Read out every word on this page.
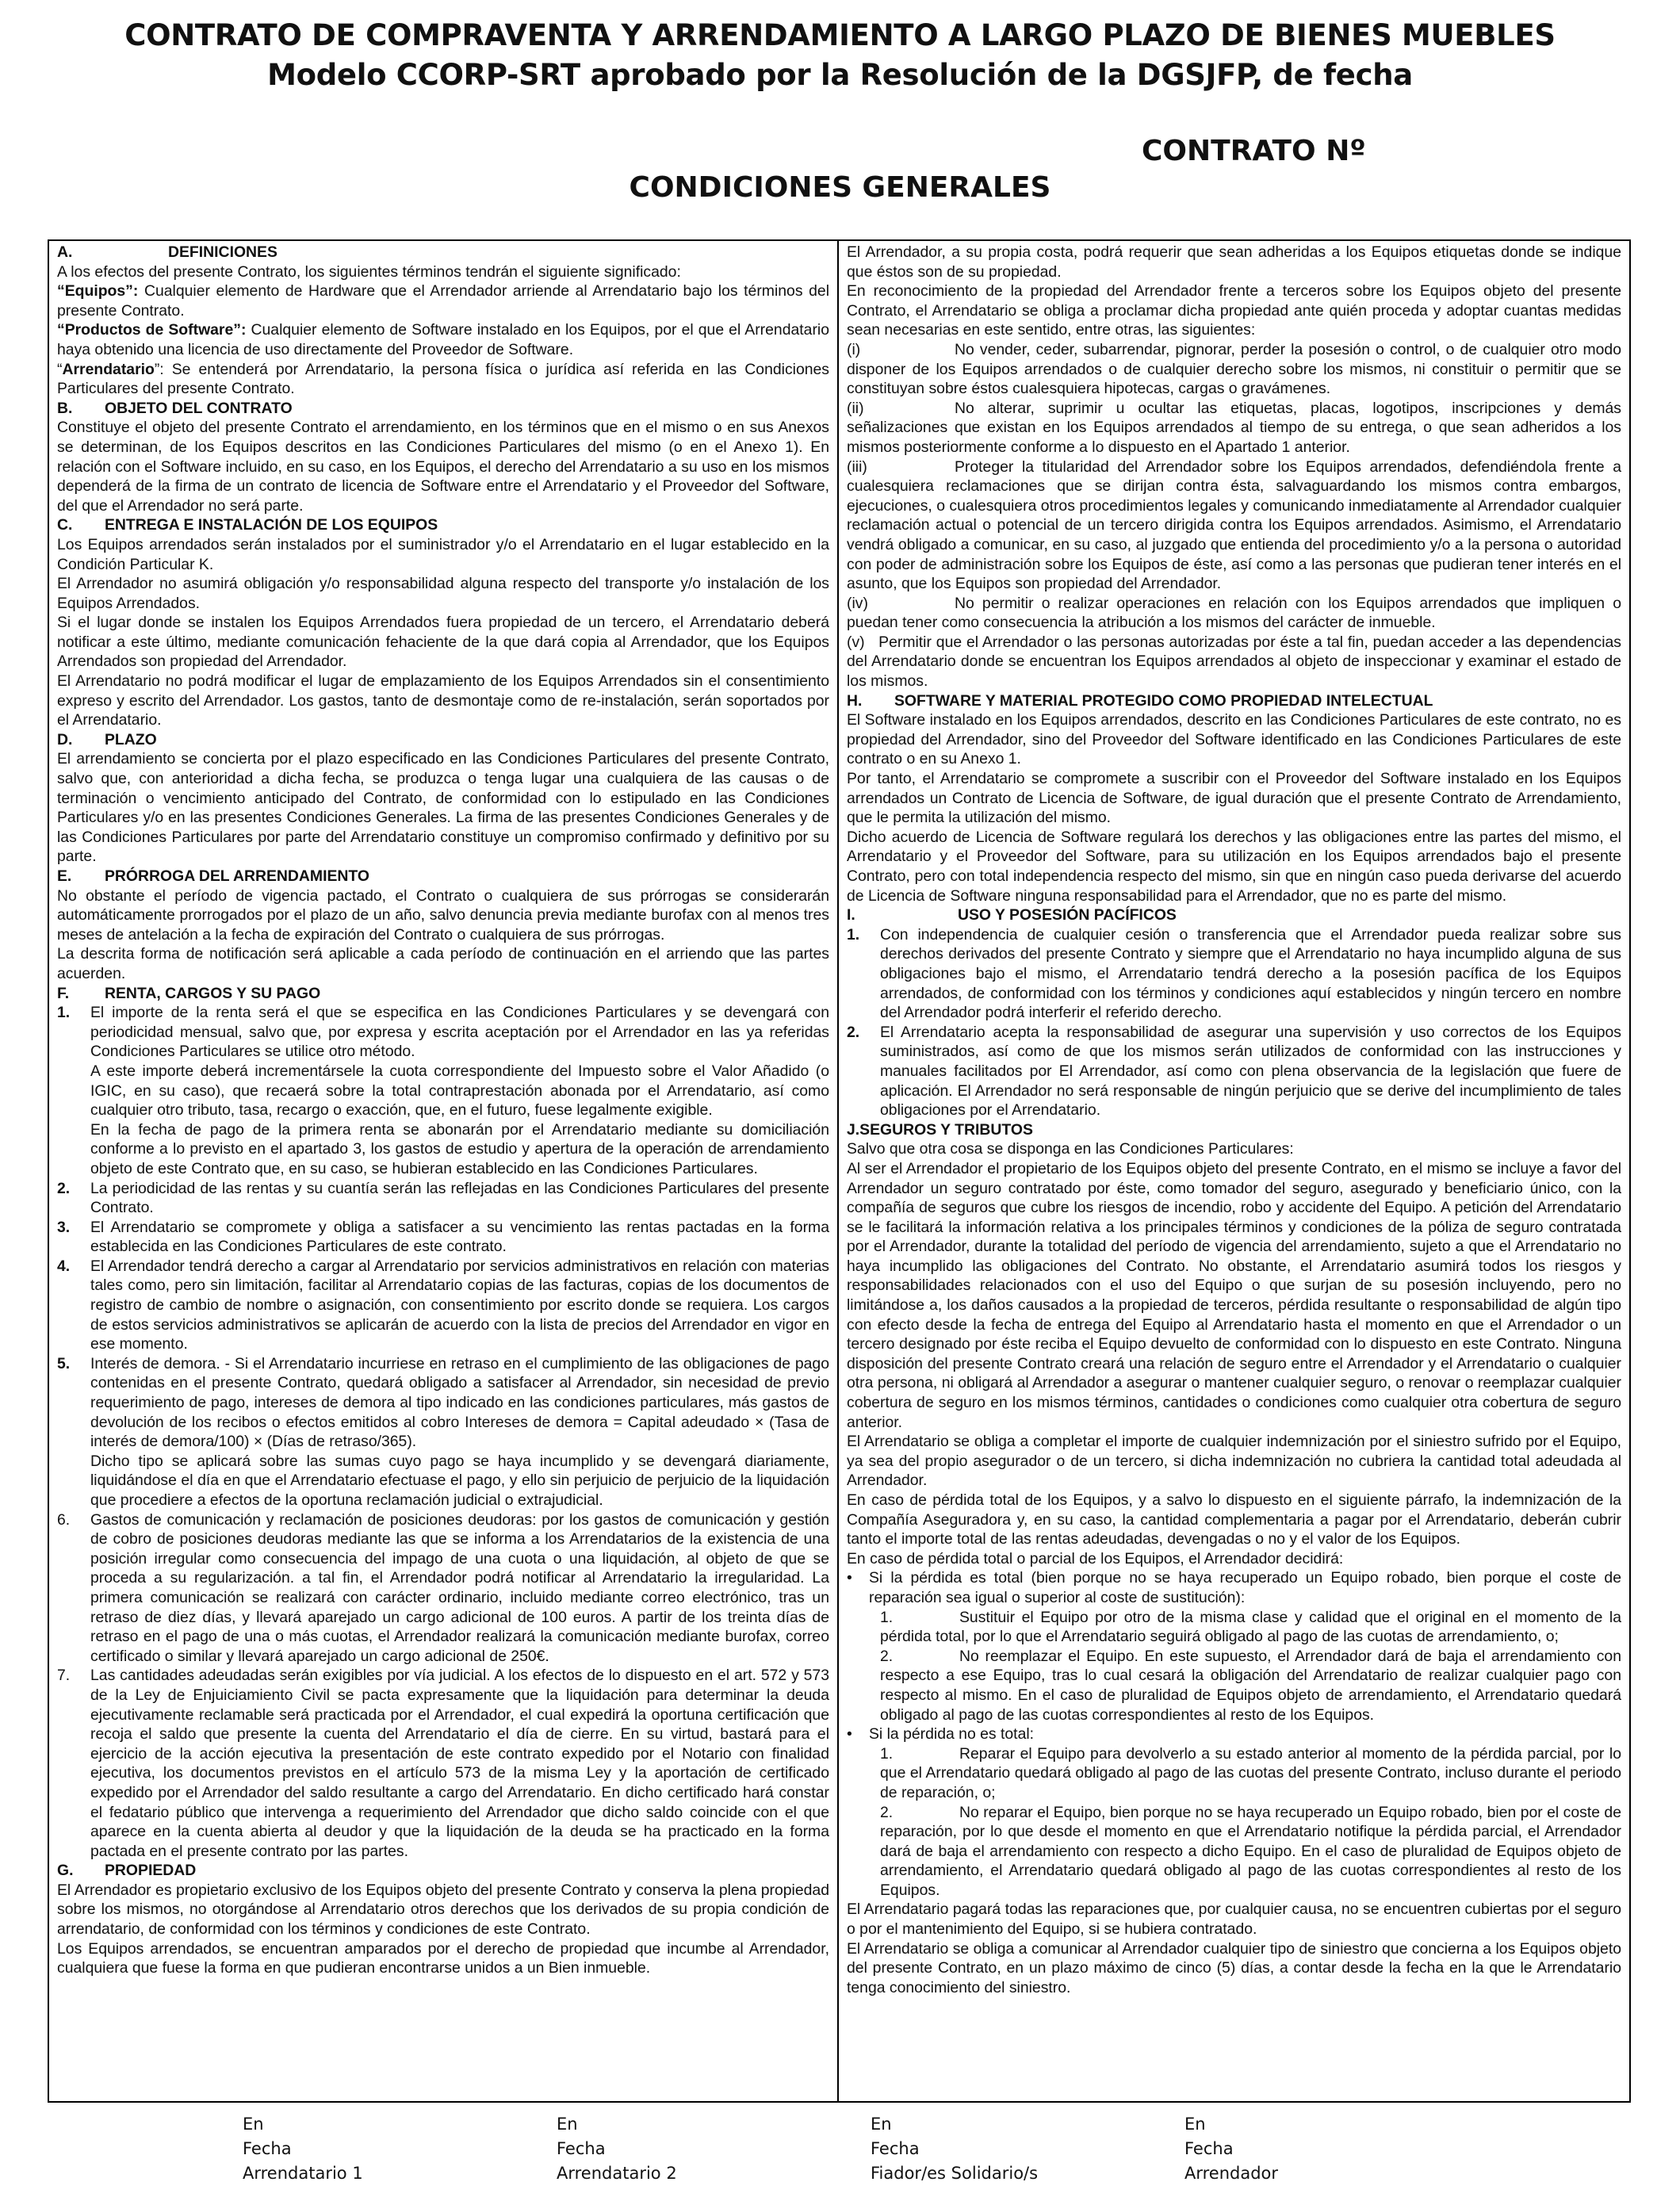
CONTRATO DE COMPRAVENTA Y ARRENDAMIENTO A LARGO PLAZO DE BIENES MUEBLES
Modelo CCORP-SRT aprobado por la Resolución de la DGSJFP, de fecha
CONTRATO Nº
CONDICIONES GENERALES

A.	DEFINICIONES

A los efectos del presente Contrato, los siguientes términos tendrán el siguiente significado:

“Equipos”: Cualquier elemento de Hardware que el Arrendador arriende al Arrendatario bajo los términos del presente Contrato.

“Productos de Software”: Cualquier elemento de Software instalado en los Equipos, por el que el Arrendatario haya obtenido una licencia de uso directamente del Proveedor de Software.

“Arrendatario”: Se entenderá por Arrendatario, la persona física o jurídica así referida en las Condiciones Particulares del presente Contrato.

B. OBJETO DEL CONTRATO

Constituye el objeto del presente Contrato el arrendamiento, en los términos que en el mismo o en sus Anexos se determinan, de los Equipos descritos en las Condiciones Particulares del mismo (o en el Anexo 1). En relación con el Software incluido, en su caso, en los Equipos, el derecho del Arrendatario a su uso en los mismos dependerá de la firma de un contrato de licencia de Software entre el Arrendatario y el Proveedor del Software, del que el Arrendador no será parte.

C. ENTREGA E INSTALACIÓN DE LOS EQUIPOS

Los Equipos arrendados serán instalados por el suministrador y/o el Arrendatario en el lugar establecido en la Condición Particular K.

El Arrendador no asumirá obligación y/o responsabilidad alguna respecto del transporte y/o instalación de los Equipos Arrendados.

Si el lugar donde se instalen los Equipos Arrendados fuera propiedad de un tercero, el Arrendatario deberá notificar a este último, mediante comunicación fehaciente de la que dará copia al Arrendador, que los Equipos Arrendados son propiedad del Arrendador.

El Arrendatario no podrá modificar el lugar de emplazamiento de los Equipos Arrendados sin el consentimiento expreso y escrito del Arrendador. Los gastos, tanto de desmontaje como de re-instalación, serán soportados por el Arrendatario.

D. PLAZO

El arrendamiento se concierta por el plazo especificado en las Condiciones Particulares del presente Contrato, salvo que, con anterioridad a dicha fecha, se produzca o tenga lugar una cualquiera de las causas o de terminación o vencimiento anticipado del Contrato, de conformidad con lo estipulado en las Condiciones Particulares y/o en las presentes Condiciones Generales. La firma de las presentes Condiciones Generales y de las Condiciones Particulares por parte del Arrendatario constituye un compromiso confirmado y definitivo por su parte.

E. PRÓRROGA DEL ARRENDAMIENTO

No obstante el período de vigencia pactado, el Contrato o cualquiera de sus prórrogas se considerarán automáticamente prorrogados por el plazo de un año, salvo denuncia previa mediante burofax con al menos tres meses de antelación a la fecha de expiración del Contrato o cualquiera de sus prórrogas.

La descrita forma de notificación será aplicable a cada período de continuación en el arriendo que las partes acuerden.

F. RENTA, CARGOS Y SU PAGO

1.	El importe de la renta será el que se especifica en las Condiciones Particulares y se devengará con periodicidad mensual, salvo que, por expresa y escrita aceptación por el Arrendador en las ya referidas Condiciones Particulares se utilice otro método.

A este importe deberá incrementársele la cuota correspondiente del Impuesto sobre el Valor Añadido (o IGIC, en su caso), que recaerá sobre la total contraprestación abonada por el Arrendatario, así como cualquier otro tributo, tasa, recargo o exacción, que, en el futuro, fuese legalmente exigible.

En la fecha de pago de la primera renta se abonarán por el Arrendatario mediante su domiciliación conforme a lo previsto en el apartado 3, los gastos de estudio y apertura de la operación de arrendamiento objeto de este Contrato que, en su caso, se hubieran establecido en las Condiciones Particulares.

2.	La periodicidad de las rentas y su cuantía serán las reflejadas en las Condiciones Particulares del presente Contrato.
3.	El Arrendatario se compromete y obliga a satisfacer a su vencimiento las rentas pactadas en la forma establecida en las Condiciones Particulares de este contrato.
4.	El Arrendador tendrá derecho a cargar al Arrendatario por servicios administrativos en relación con materias tales como, pero sin limitación, facilitar al Arrendatario copias de las facturas, copias de los documentos de registro de cambio de nombre o asignación, con consentimiento por escrito donde se requiera. Los cargos de estos servicios administrativos se aplicarán de acuerdo con la lista de precios del Arrendador en vigor en ese momento.
5.	Interés de demora. - Si el Arrendatario incurriese en retraso en el cumplimiento de las obligaciones de pago contenidas en el presente Contrato, quedará obligado a satisfacer al Arrendador, sin necesidad de previo requerimiento de pago, intereses de demora al tipo indicado en las condiciones particulares, más gastos de devolución de los recibos o efectos emitidos al cobro Intereses de demora = Capital adeudado × (Tasa de interés de demora/100) × (Días de retraso/365).

Dicho tipo se aplicará sobre las sumas cuyo pago se haya incumplido y se devengará diariamente, liquidándose el día en que el Arrendatario efectuase el pago, y ello sin perjuicio de perjuicio de la liquidación que procediere a efectos de la oportuna reclamación judicial o extrajudicial.

6.	Gastos de comunicación y reclamación de posiciones deudoras: por los gastos de comunicación y gestión de cobro de posiciones deudoras mediante las que se informa a los Arrendatarios de la existencia de una posición irregular como consecuencia del impago de una cuota o una liquidación, al objeto de que se proceda a su regularización. a tal fin, el Arrendador podrá notificar al Arrendatario la irregularidad. La primera comunicación se realizará con carácter ordinario, incluido mediante correo electrónico, tras un retraso de diez días, y llevará aparejado un cargo adicional de 100 euros. A partir de los treinta días de retraso en el pago de una o más cuotas, el Arrendador realizará la comunicación mediante burofax, correo certificado o similar y llevará aparejado un cargo adicional de 250€.
7.	Las cantidades adeudadas serán exigibles por vía judicial. A los efectos de lo dispuesto en el art. 572 y 573 de la Ley de Enjuiciamiento Civil se pacta expresamente que la liquidación para determinar la deuda ejecutivamente reclamable será practicada por el Arrendador, el cual expedirá la oportuna certificación que recoja el saldo que presente la cuenta del Arrendatario el día de cierre. En su virtud, bastará para el ejercicio de la acción ejecutiva la presentación de este contrato expedido por el Notario con finalidad ejecutiva, los documentos previstos en el artículo 573 de la misma Ley y la aportación de certificado expedido por el Arrendador del saldo resultante a cargo del Arrendatario. En dicho certificado hará constar el fedatario público que intervenga a requerimiento del Arrendador que dicho saldo coincide con el que aparece en la cuenta abierta al deudor y que la liquidación de la deuda se ha practicado en la forma pactada en el presente contrato por las partes.

G. PROPIEDAD

El Arrendador es propietario exclusivo de los Equipos objeto del presente Contrato y conserva la plena propiedad sobre los mismos, no otorgándose al Arrendatario otros derechos que los derivados de su propia condición de arrendatario, de conformidad con los términos y condiciones de este Contrato.

Los Equipos arrendados, se encuentran amparados por el derecho de propiedad que incumbe al Arrendador, cualquiera que fuese la forma en que pudieran encontrarse unidos a un Bien inmueble.

El Arrendador, a su propia costa, podrá requerir que sean adheridas a los Equipos etiquetas donde se indique que éstos son de su propiedad.

En reconocimiento de la propiedad del Arrendador frente a terceros sobre los Equipos objeto del presente Contrato, el Arrendatario se obliga a proclamar dicha propiedad ante quién proceda y adoptar cuantas medidas sean necesarias en este sentido, entre otras, las siguientes:

(i)	No vender, ceder, subarrendar, pignorar, perder la posesión o control, o de cualquier otro modo disponer de los Equipos arrendados o de cualquier derecho sobre los mismos, ni constituir o permitir que se constituyan sobre éstos cualesquiera hipotecas, cargas o gravámenes.

(ii)	No alterar, suprimir u ocultar las etiquetas, placas, logotipos, inscripciones y demás señalizaciones que existan en los Equipos arrendados al tiempo de su entrega, o que sean adheridos a los mismos posteriormente conforme a lo dispuesto en el Apartado 1 anterior.

(iii)	Proteger la titularidad del Arrendador sobre los Equipos arrendados, defendiéndola frente a cualesquiera reclamaciones que se dirijan contra ésta, salvaguardando los mismos contra embargos, ejecuciones, o cualesquiera otros procedimientos legales y comunicando inmediatamente al Arrendador cualquier reclamación actual o potencial de un tercero dirigida contra los Equipos arrendados. Asimismo, el Arrendatario vendrá obligado a comunicar, en su caso, al juzgado que entienda del procedimiento y/o a la persona o autoridad con poder de administración sobre los Equipos de éste, así como a las personas que pudieran tener interés en el asunto, que los Equipos son propiedad del Arrendador.

(iv)	No permitir o realizar operaciones en relación con los Equipos arrendados que impliquen o puedan tener como consecuencia la atribución a los mismos del carácter de inmueble.

(v) Permitir que el Arrendador o las personas autorizadas por éste a tal fin, puedan acceder a las dependencias del Arrendatario donde se encuentran los Equipos arrendados al objeto de inspeccionar y examinar el estado de los mismos.

H. SOFTWARE Y MATERIAL PROTEGIDO COMO PROPIEDAD INTELECTUAL

El Software instalado en los Equipos arrendados, descrito en las Condiciones Particulares de este contrato, no es propiedad del Arrendador, sino del Proveedor del Software identificado en las Condiciones Particulares de este contrato o en su Anexo 1.

Por tanto, el Arrendatario se compromete a suscribir con el Proveedor del Software instalado en los Equipos arrendados un Contrato de Licencia de Software, de igual duración que el presente Contrato de Arrendamiento, que le permita la utilización del mismo.

Dicho acuerdo de Licencia de Software regulará los derechos y las obligaciones entre las partes del mismo, el Arrendatario y el Proveedor del Software, para su utilización en los Equipos arrendados bajo el presente Contrato, pero con total independencia respecto del mismo, sin que en ningún caso pueda derivarse del acuerdo de Licencia de Software ninguna responsabilidad para el Arrendador, que no es parte del mismo.

I.	USO Y POSESIÓN PACÍFICOS

1.	Con independencia de cualquier cesión o transferencia que el Arrendador pueda realizar sobre sus derechos derivados del presente Contrato y siempre que el Arrendatario no haya incumplido alguna de sus obligaciones bajo el mismo, el Arrendatario tendrá derecho a la posesión pacífica de los Equipos arrendados, de conformidad con los términos y condiciones aquí establecidos y ningún tercero en nombre del Arrendador podrá interferir el referido derecho.
2.	El Arrendatario acepta la responsabilidad de asegurar una supervisión y uso correctos de los Equipos suministrados, así como de que los mismos serán utilizados de conformidad con las instrucciones y manuales facilitados por El Arrendador, así como con plena observancia de la legislación que fuere de aplicación. El Arrendador no será responsable de ningún perjuicio que se derive del incumplimiento de tales obligaciones por el Arrendatario.

J.SEGUROS Y TRIBUTOS

Salvo que otra cosa se disponga en las Condiciones Particulares:

Al ser el Arrendador el propietario de los Equipos objeto del presente Contrato, en el mismo se incluye a favor del Arrendador un seguro contratado por éste, como tomador del seguro, asegurado y beneficiario único, con la compañía de seguros que cubre los riesgos de incendio, robo y accidente del Equipo. A petición del Arrendatario se le facilitará la información relativa a los principales términos y condiciones de la póliza de seguro contratada por el Arrendador, durante la totalidad del período de vigencia del arrendamiento, sujeto a que el Arrendatario no haya incumplido las obligaciones del Contrato. No obstante, el Arrendatario asumirá todos los riesgos y responsabilidades relacionados con el uso del Equipo o que surjan de su posesión incluyendo, pero no limitándose a, los daños causados a la propiedad de terceros, pérdida resultante o responsabilidad de algún tipo con efecto desde la fecha de entrega del Equipo al Arrendatario hasta el momento en que el Arrendador o un tercero designado por éste reciba el Equipo devuelto de conformidad con lo dispuesto en este Contrato. Ninguna disposición del presente Contrato creará una relación de seguro entre el Arrendador y el Arrendatario o cualquier otra persona, ni obligará al Arrendador a asegurar o mantener cualquier seguro, o renovar o reemplazar cualquier cobertura de seguro en los mismos términos, cantidades o condiciones como cualquier otra cobertura de seguro anterior.

El Arrendatario se obliga a completar el importe de cualquier indemnización por el siniestro sufrido por el Equipo, ya sea del propio asegurador o de un tercero, si dicha indemnización no cubriera la cantidad total adeudada al Arrendador.

En caso de pérdida total de los Equipos, y a salvo lo dispuesto en el siguiente párrafo, la indemnización de la Compañía Aseguradora y, en su caso, la cantidad complementaria a pagar por el Arrendatario, deberán cubrir tanto el importe total de las rentas adeudadas, devengadas o no y el valor de los Equipos.

En caso de pérdida total o parcial de los Equipos, el Arrendador decidirá:

•	Si la pérdida es total (bien porque no se haya recuperado un Equipo robado, bien porque el coste de reparación sea igual o superior al coste de sustitución):

1.	Sustituir el Equipo por otro de la misma clase y calidad que el original en el momento de la pérdida total, por lo que el Arrendatario seguirá obligado al pago de las cuotas de arrendamiento, o;

2.	No reemplazar el Equipo. En este supuesto, el Arrendador dará de baja el arrendamiento con respecto a ese Equipo, tras lo cual cesará la obligación del Arrendatario de realizar cualquier pago con respecto al mismo. En el caso de pluralidad de Equipos objeto de arrendamiento, el Arrendatario quedará obligado al pago de las cuotas correspondientes al resto de los Equipos.

•	Si la pérdida no es total:

1.	Reparar el Equipo para devolverlo a su estado anterior al momento de la pérdida parcial, por lo que el Arrendatario quedará obligado al pago de las cuotas del presente Contrato, incluso durante el periodo de reparación, o;

2.	No reparar el Equipo, bien porque no se haya recuperado un Equipo robado, bien por el coste de reparación, por lo que desde el momento en que el Arrendatario notifique la pérdida parcial, el Arrendador dará de baja el arrendamiento con respecto a dicho Equipo. En el caso de pluralidad de Equipos objeto de arrendamiento, el Arrendatario quedará obligado al pago de las cuotas correspondientes al resto de los Equipos.

El Arrendatario pagará todas las reparaciones que, por cualquier causa, no se encuentren cubiertas por el seguro o por el mantenimiento del Equipo, si se hubiera contratado.

El Arrendatario se obliga a comunicar al Arrendador cualquier tipo de siniestro que concierna a los Equipos objeto del presente Contrato, en un plazo máximo de cinco (5) días, a contar desde la fecha en la que le Arrendatario tenga conocimiento del siniestro.

En
Fecha
Arrendatario 1
En
Fecha
Arrendatario 2
En
Fecha
Fiador/es Solidario/s
En
Fecha
Arrendador
